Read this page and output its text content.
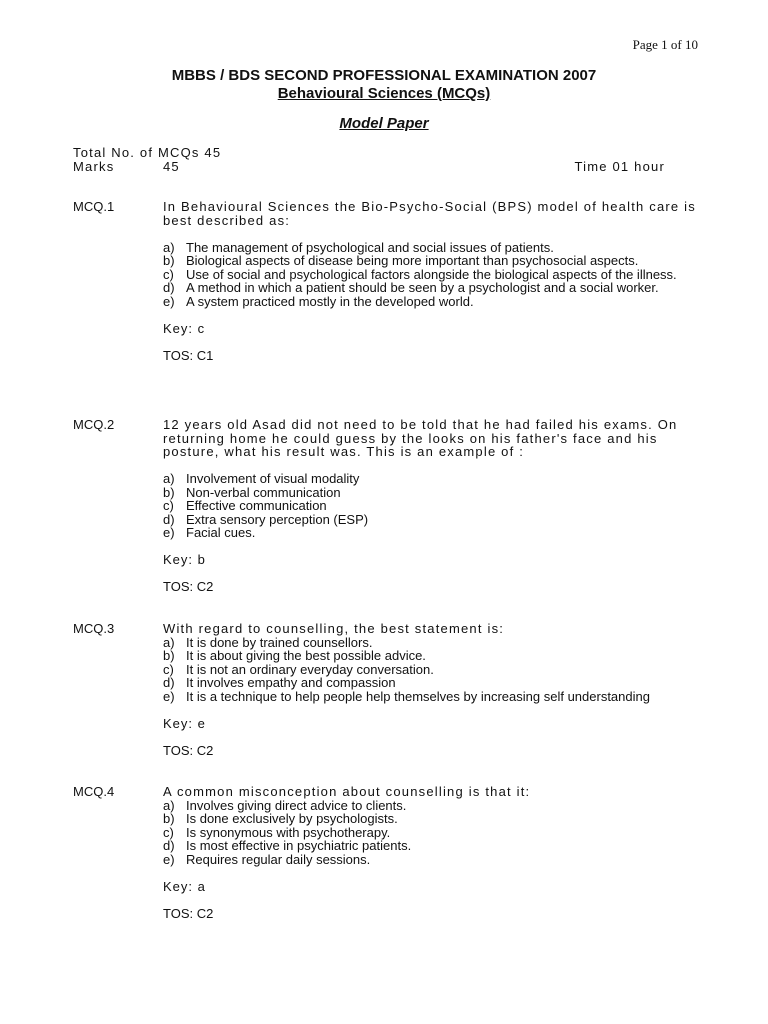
Page 1 of 10
MBBS / BDS SECOND PROFESSIONAL EXAMINATION 2007
Behavioural Sciences (MCQs)
Model Paper
Total No. of MCQs 45
Marks	45	Time 01 hour
MCQ.1	In Behavioural Sciences the Bio-Psycho-Social (BPS) model of health care is best described as:
a) The management of psychological and social issues of patients.
b) Biological aspects of disease being more important than psychosocial aspects.
c) Use of social and psychological factors alongside the biological aspects of the illness.
d) A method in which a patient should be seen by a psychologist and a social worker.
e) A system practiced mostly in the developed world.
Key: c
TOS: C1
MCQ.2	12 years old Asad did not need to be told that he had failed his exams. On returning home he could guess by the looks on his father's face and his posture, what his result was. This is an example of :
a) Involvement of visual modality
b) Non-verbal communication
c) Effective communication
d) Extra sensory perception (ESP)
e) Facial cues.
Key: b
TOS: C2
MCQ.3	With regard to counselling, the best statement is:
a) It is done by trained counsellors.
b) It is about giving the best possible advice.
c) It is not an ordinary everyday conversation.
d) It involves empathy and compassion
e) It is a technique to help people help themselves by increasing self understanding
Key: e
TOS: C2
MCQ.4	A common misconception about counselling is that it:
a) Involves giving direct advice to clients.
b) Is done exclusively by psychologists.
c) Is synonymous with psychotherapy.
d) Is most effective in psychiatric patients.
e) Requires regular daily sessions.
Key: a
TOS: C2
